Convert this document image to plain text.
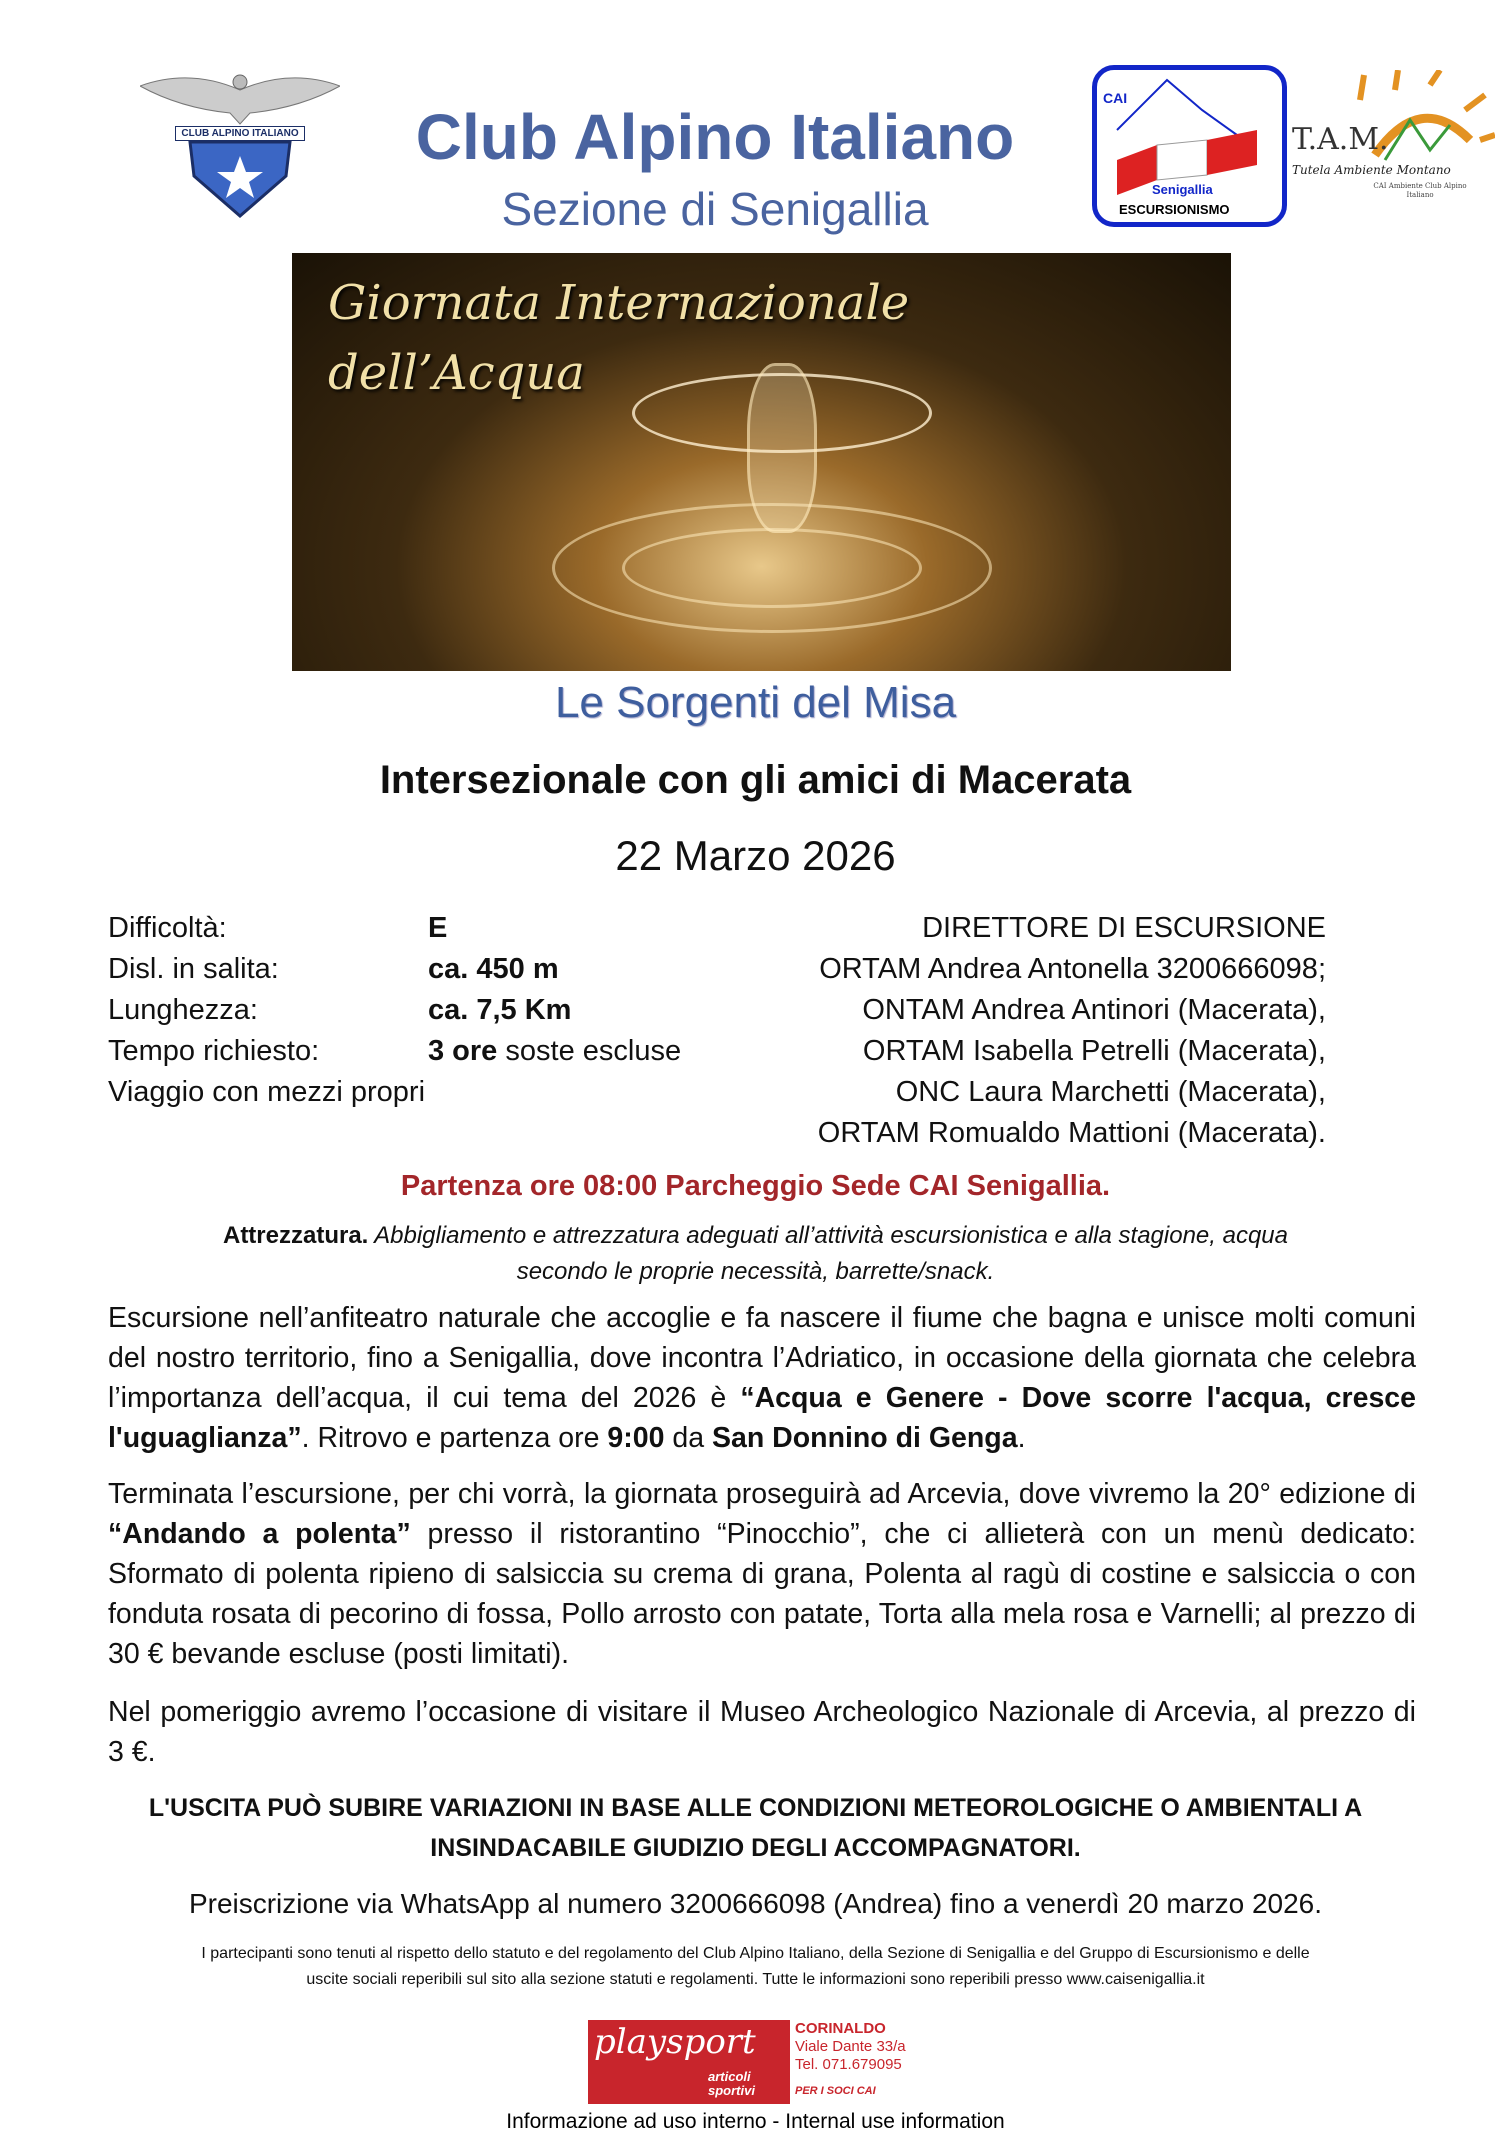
CLUB ALPINO ITALIANO	Club Alpino Italiano
Sezione di Senigallia
CAI
Senigallia
ESCURSIONISMO
T.A.M.
Tutela Ambiente Montano
CAI Ambiente Club Alpino Italiano
Giornata Internazionale
dell’Acqua
Le Sorgenti del Misa
Intersezionale con gli amici di Macerata
22 Marzo 2026
Difficoltà:	E
Disl. in salita:	ca. 450 m
Lunghezza:	ca. 7,5 Km
Tempo richiesto:	3 ore soste escluse
Viaggio con mezzi propri
DIRETTORE DI ESCURSIONE
ORTAM Andrea Antonella 3200666098;
ONTAM Andrea Antinori (Macerata),
ORTAM Isabella Petrelli (Macerata),
ONC Laura Marchetti (Macerata),
ORTAM Romualdo Mattioni (Macerata).
Partenza ore 08:00 Parcheggio Sede CAI Senigallia.
Attrezzatura. Abbigliamento e attrezzatura adeguati all’attività escursionistica e alla stagione, acqua
secondo le proprie necessità, barrette/snack.
Escursione nell’anfiteatro naturale che accoglie e fa nascere il fiume che bagna e unisce molti comuni del nostro territorio, fino a Senigallia, dove incontra l’Adriatico, in occasione della giornata che celebra l’importanza dell’acqua, il cui tema del 2026 è “Acqua e Genere - Dove scorre l'acqua, cresce l'uguaglianza”. Ritrovo e partenza ore 9:00 da San Donnino di Genga.
Terminata l’escursione, per chi vorrà, la giornata proseguirà ad Arcevia, dove vivremo la 20° edizione di “Andando a polenta” presso il ristorantino “Pinocchio”, che ci allieterà con un menù dedicato: Sformato di polenta ripieno di salsiccia su crema di grana, Polenta al ragù di costine e salsiccia o con fonduta rosata di pecorino di fossa, Pollo arrosto con patate, Torta alla mela rosa e Varnelli; al prezzo di 30 € bevande escluse (posti limitati).
Nel pomeriggio avremo l’occasione di visitare il Museo Archeologico Nazionale di Arcevia, al prezzo di 3 €.
L'USCITA PUÒ SUBIRE VARIAZIONI IN BASE ALLE CONDIZIONI METEOROLOGICHE O AMBIENTALI A
INSINDACABILE GIUDIZIO DEGLI ACCOMPAGNATORI.
Preiscrizione via WhatsApp al numero 3200666098 (Andrea) fino a venerdì 20 marzo 2026.
I partecipanti sono tenuti al rispetto dello statuto e del regolamento del Club Alpino Italiano, della Sezione di Senigallia e del Gruppo di Escursionismo e delle
uscite sociali reperibili sul sito alla sezione statuti e regolamenti. Tutte le informazioni sono reperibili presso www.caisenigallia.it
playsport
articoli sportivi
CORINALDO
Viale Dante 33/a
Tel. 071.679095
PER I SOCI CAI
Informazione ad uso interno - Internal use information
